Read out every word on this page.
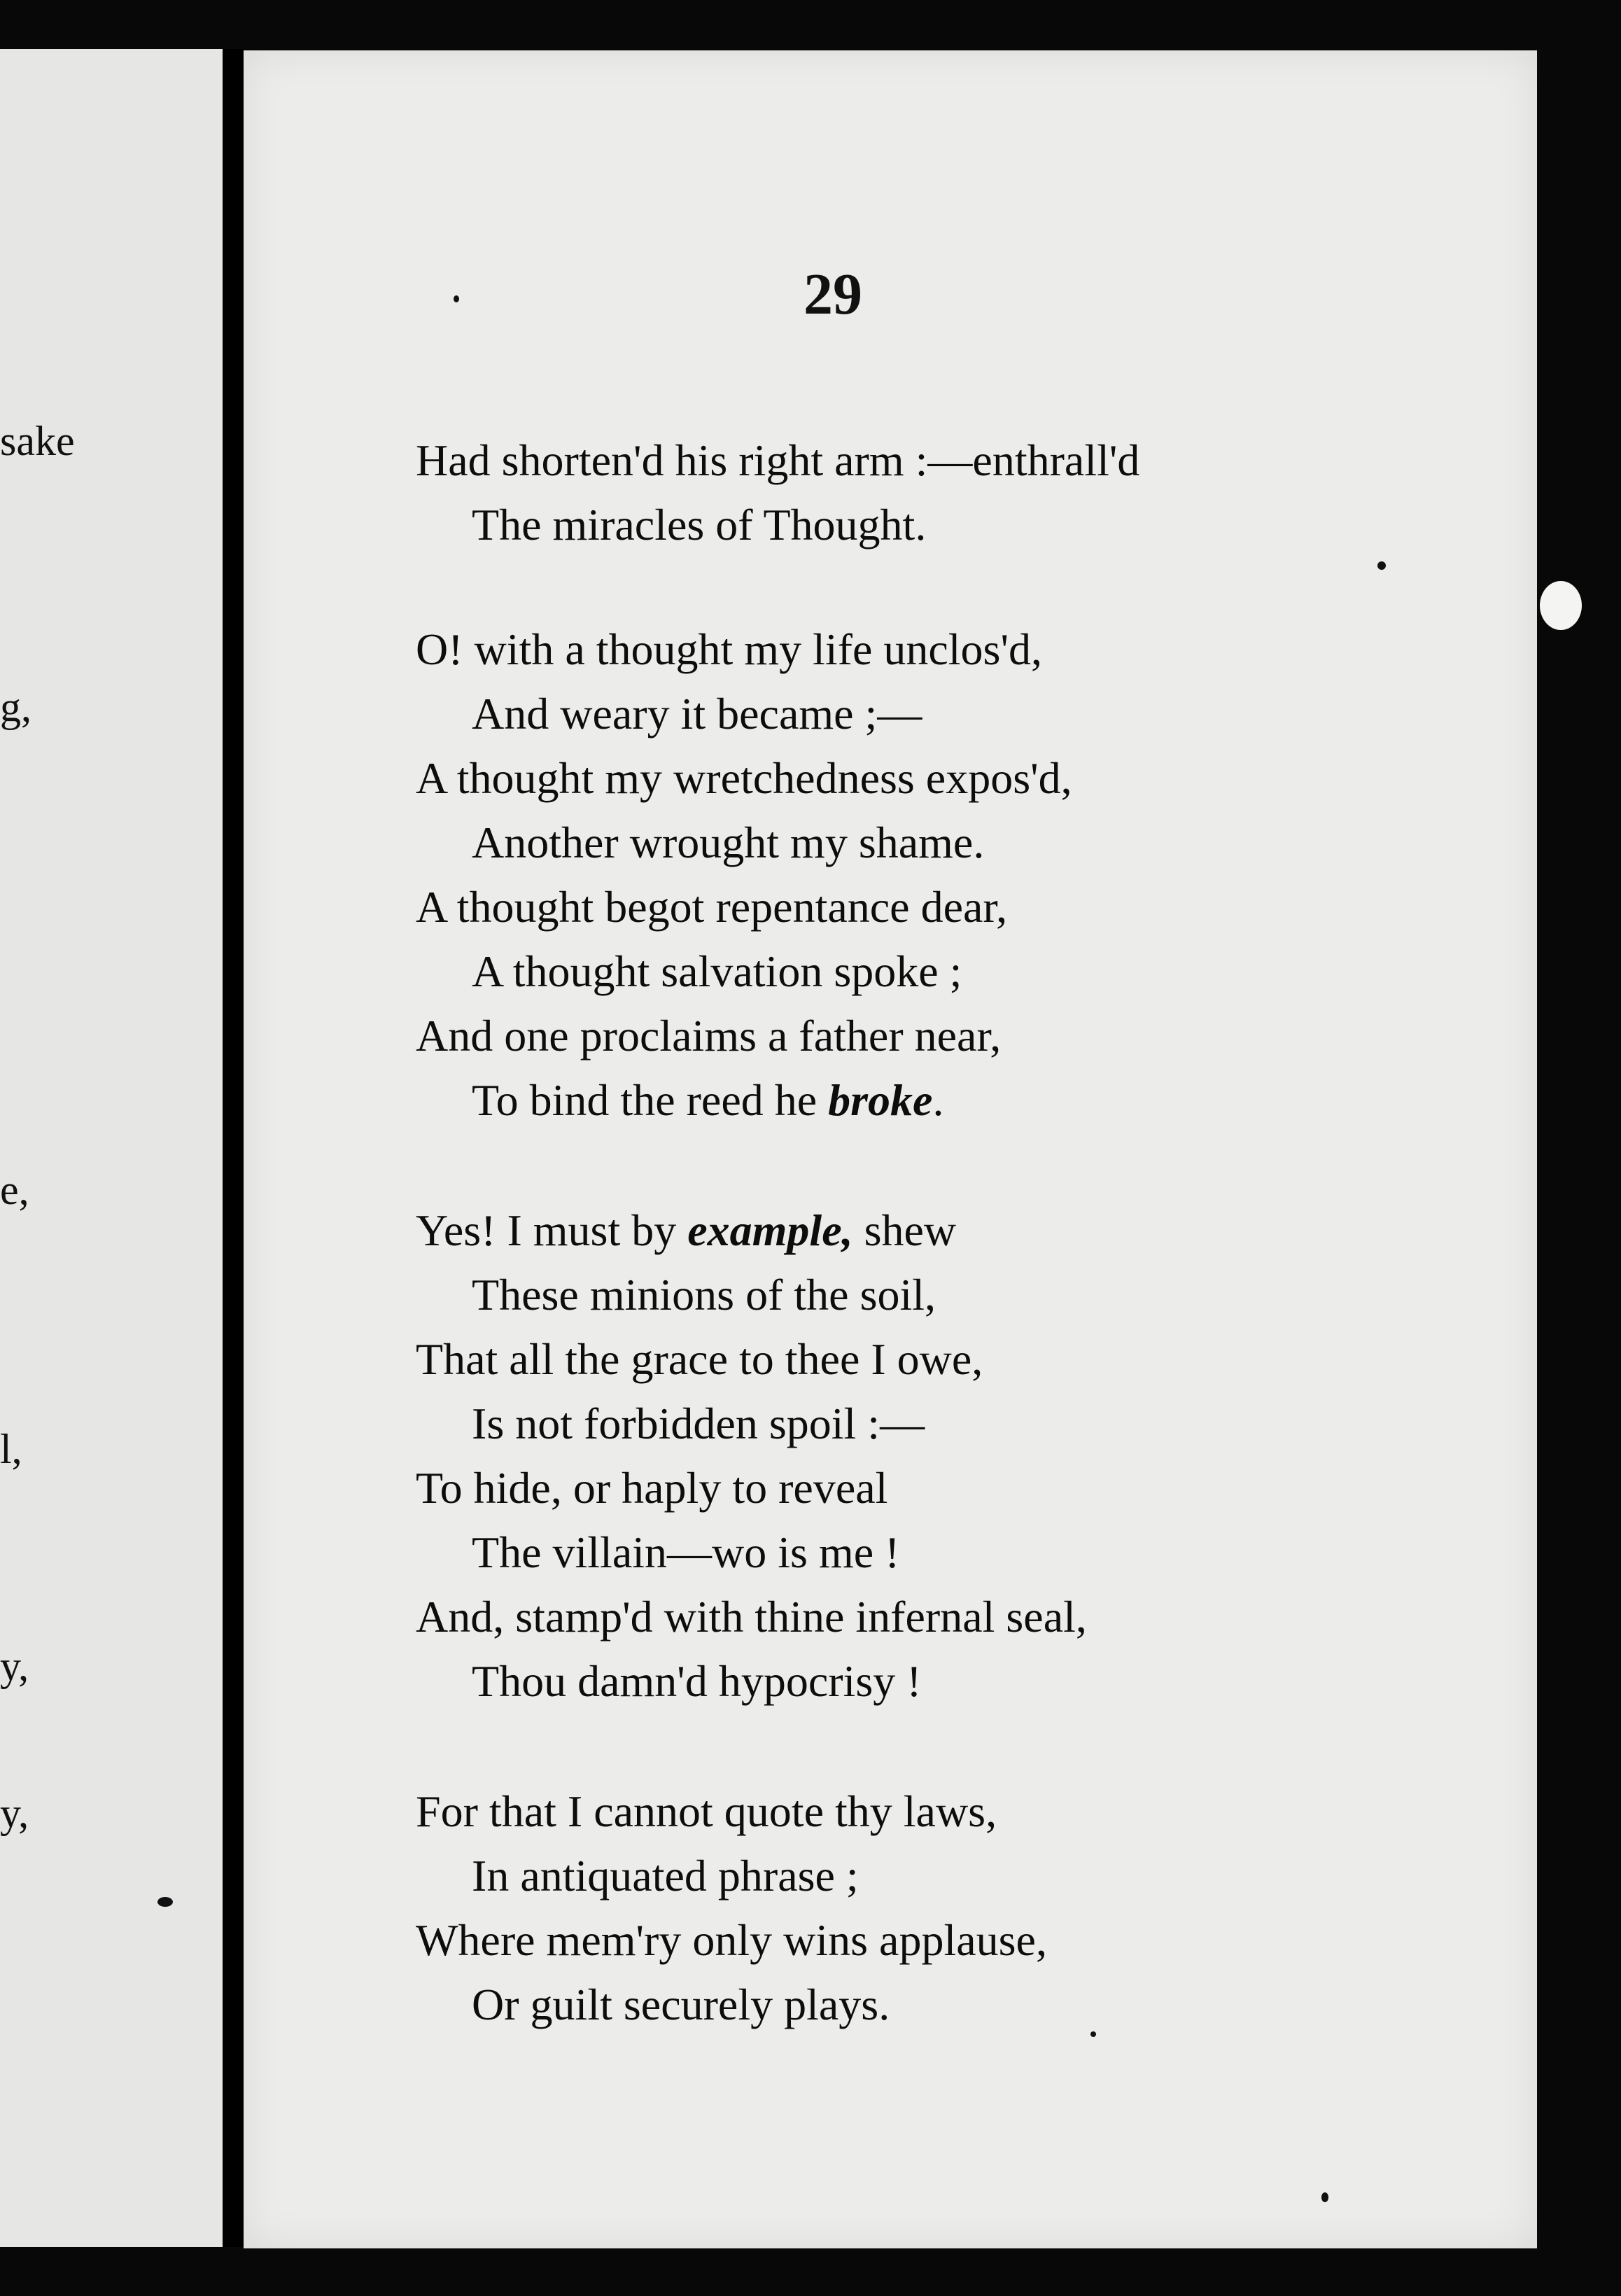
sake
g,
e,
l,
y,
y,
29
Had shorten'd his right arm :—enthrall'd
The miracles of Thought.
O! with a thought my life unclos'd,
And weary it became ;—
A thought my wretchedness expos'd,
Another wrought my shame.
A thought begot repentance dear,
A thought salvation spoke ;
And one proclaims a father near,
To bind the reed he broke.
Yes! I must by example, shew
These minions of the soil,
That all the grace to thee I owe,
Is not forbidden spoil :—
To hide, or haply to reveal
The villain—wo is me !
And, stamp'd with thine infernal seal,
Thou damn'd hypocrisy !
For that I cannot quote thy laws,
In antiquated phrase ;
Where mem'ry only wins applause,
Or guilt securely plays.
